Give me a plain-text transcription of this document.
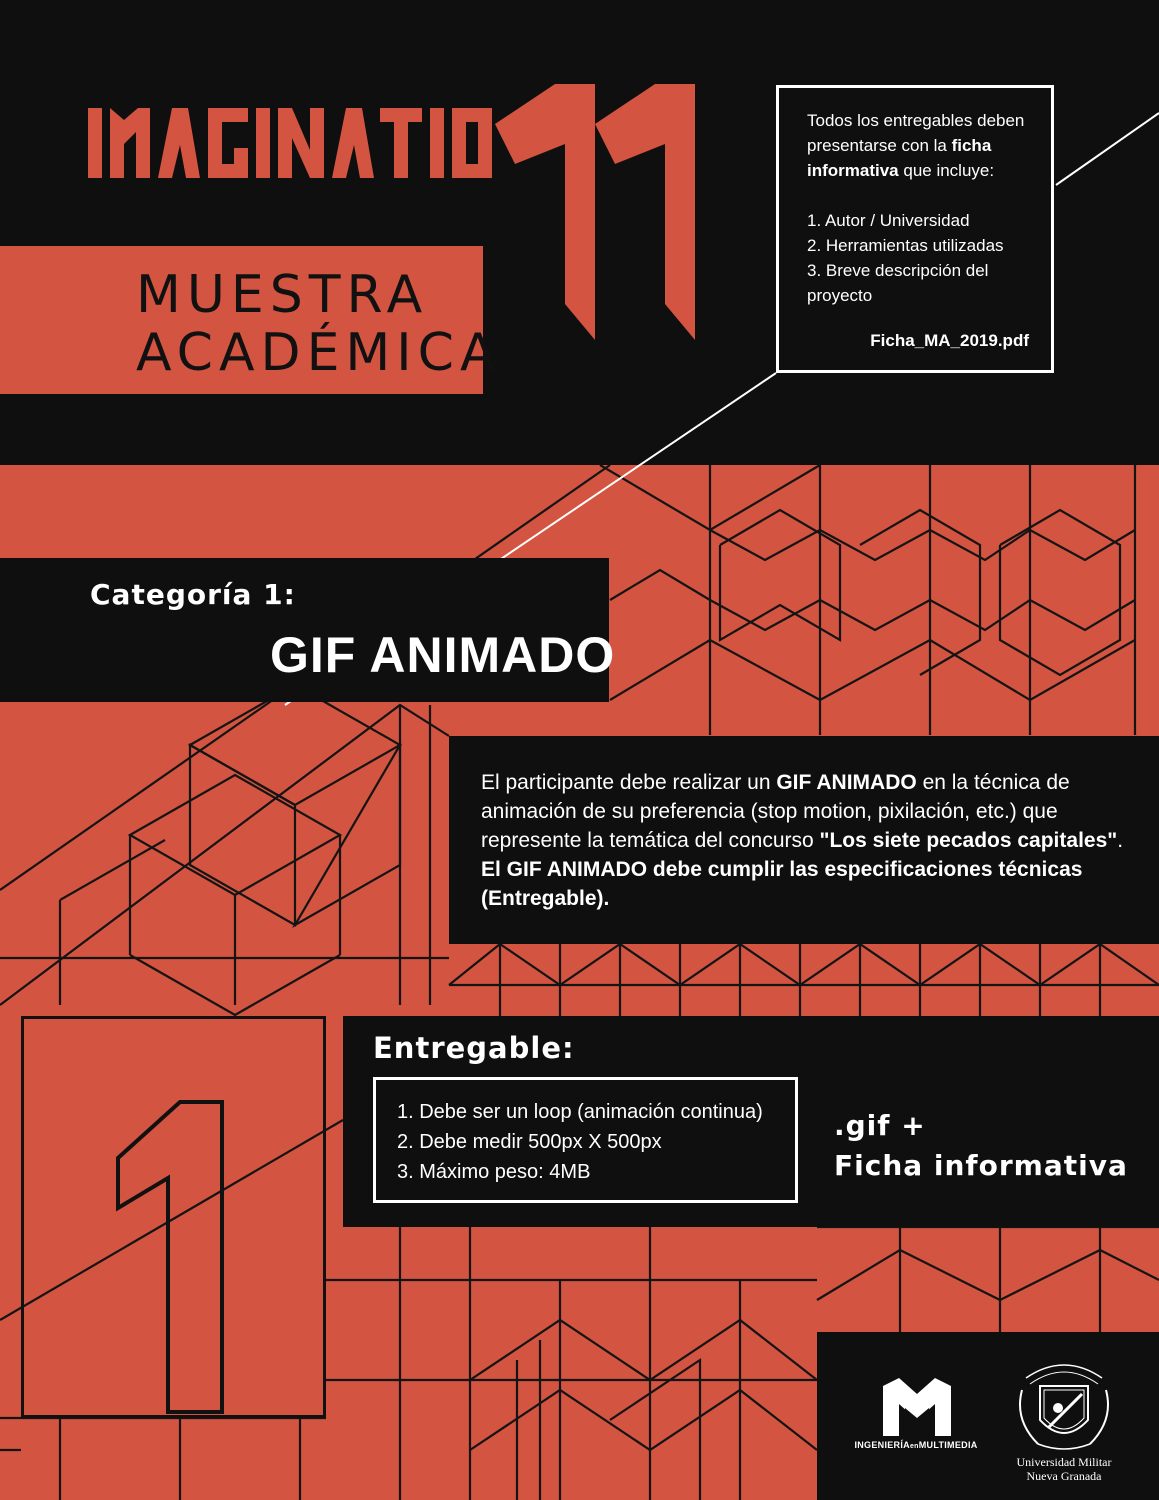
MUESTRA
ACADÉMICA
Todos los entregables deben presentarse con la ficha informativa que incluye:
1. Autor / Universidad
2. Herramientas utilizadas
3. Breve descripción del proyecto
Ficha_MA_2019.pdf
Categoría 1:
GIF ANIMADO
El participante debe realizar un GIF ANIMADO en la técnica de animación de su preferencia (stop motion, pixilación, etc.) que represente la temática del concurso "Los siete pecados capitales". El GIF ANIMADO debe cumplir las especificaciones técnicas (Entregable).
Entregable:
1. Debe ser un loop (animación continua)
2. Debe medir 500px X 500px
3. Máximo peso: 4MB
.gif +
Ficha informativa
INGENIERÍAenMULTIMEDIA
Universidad Militar
Nueva Granada
